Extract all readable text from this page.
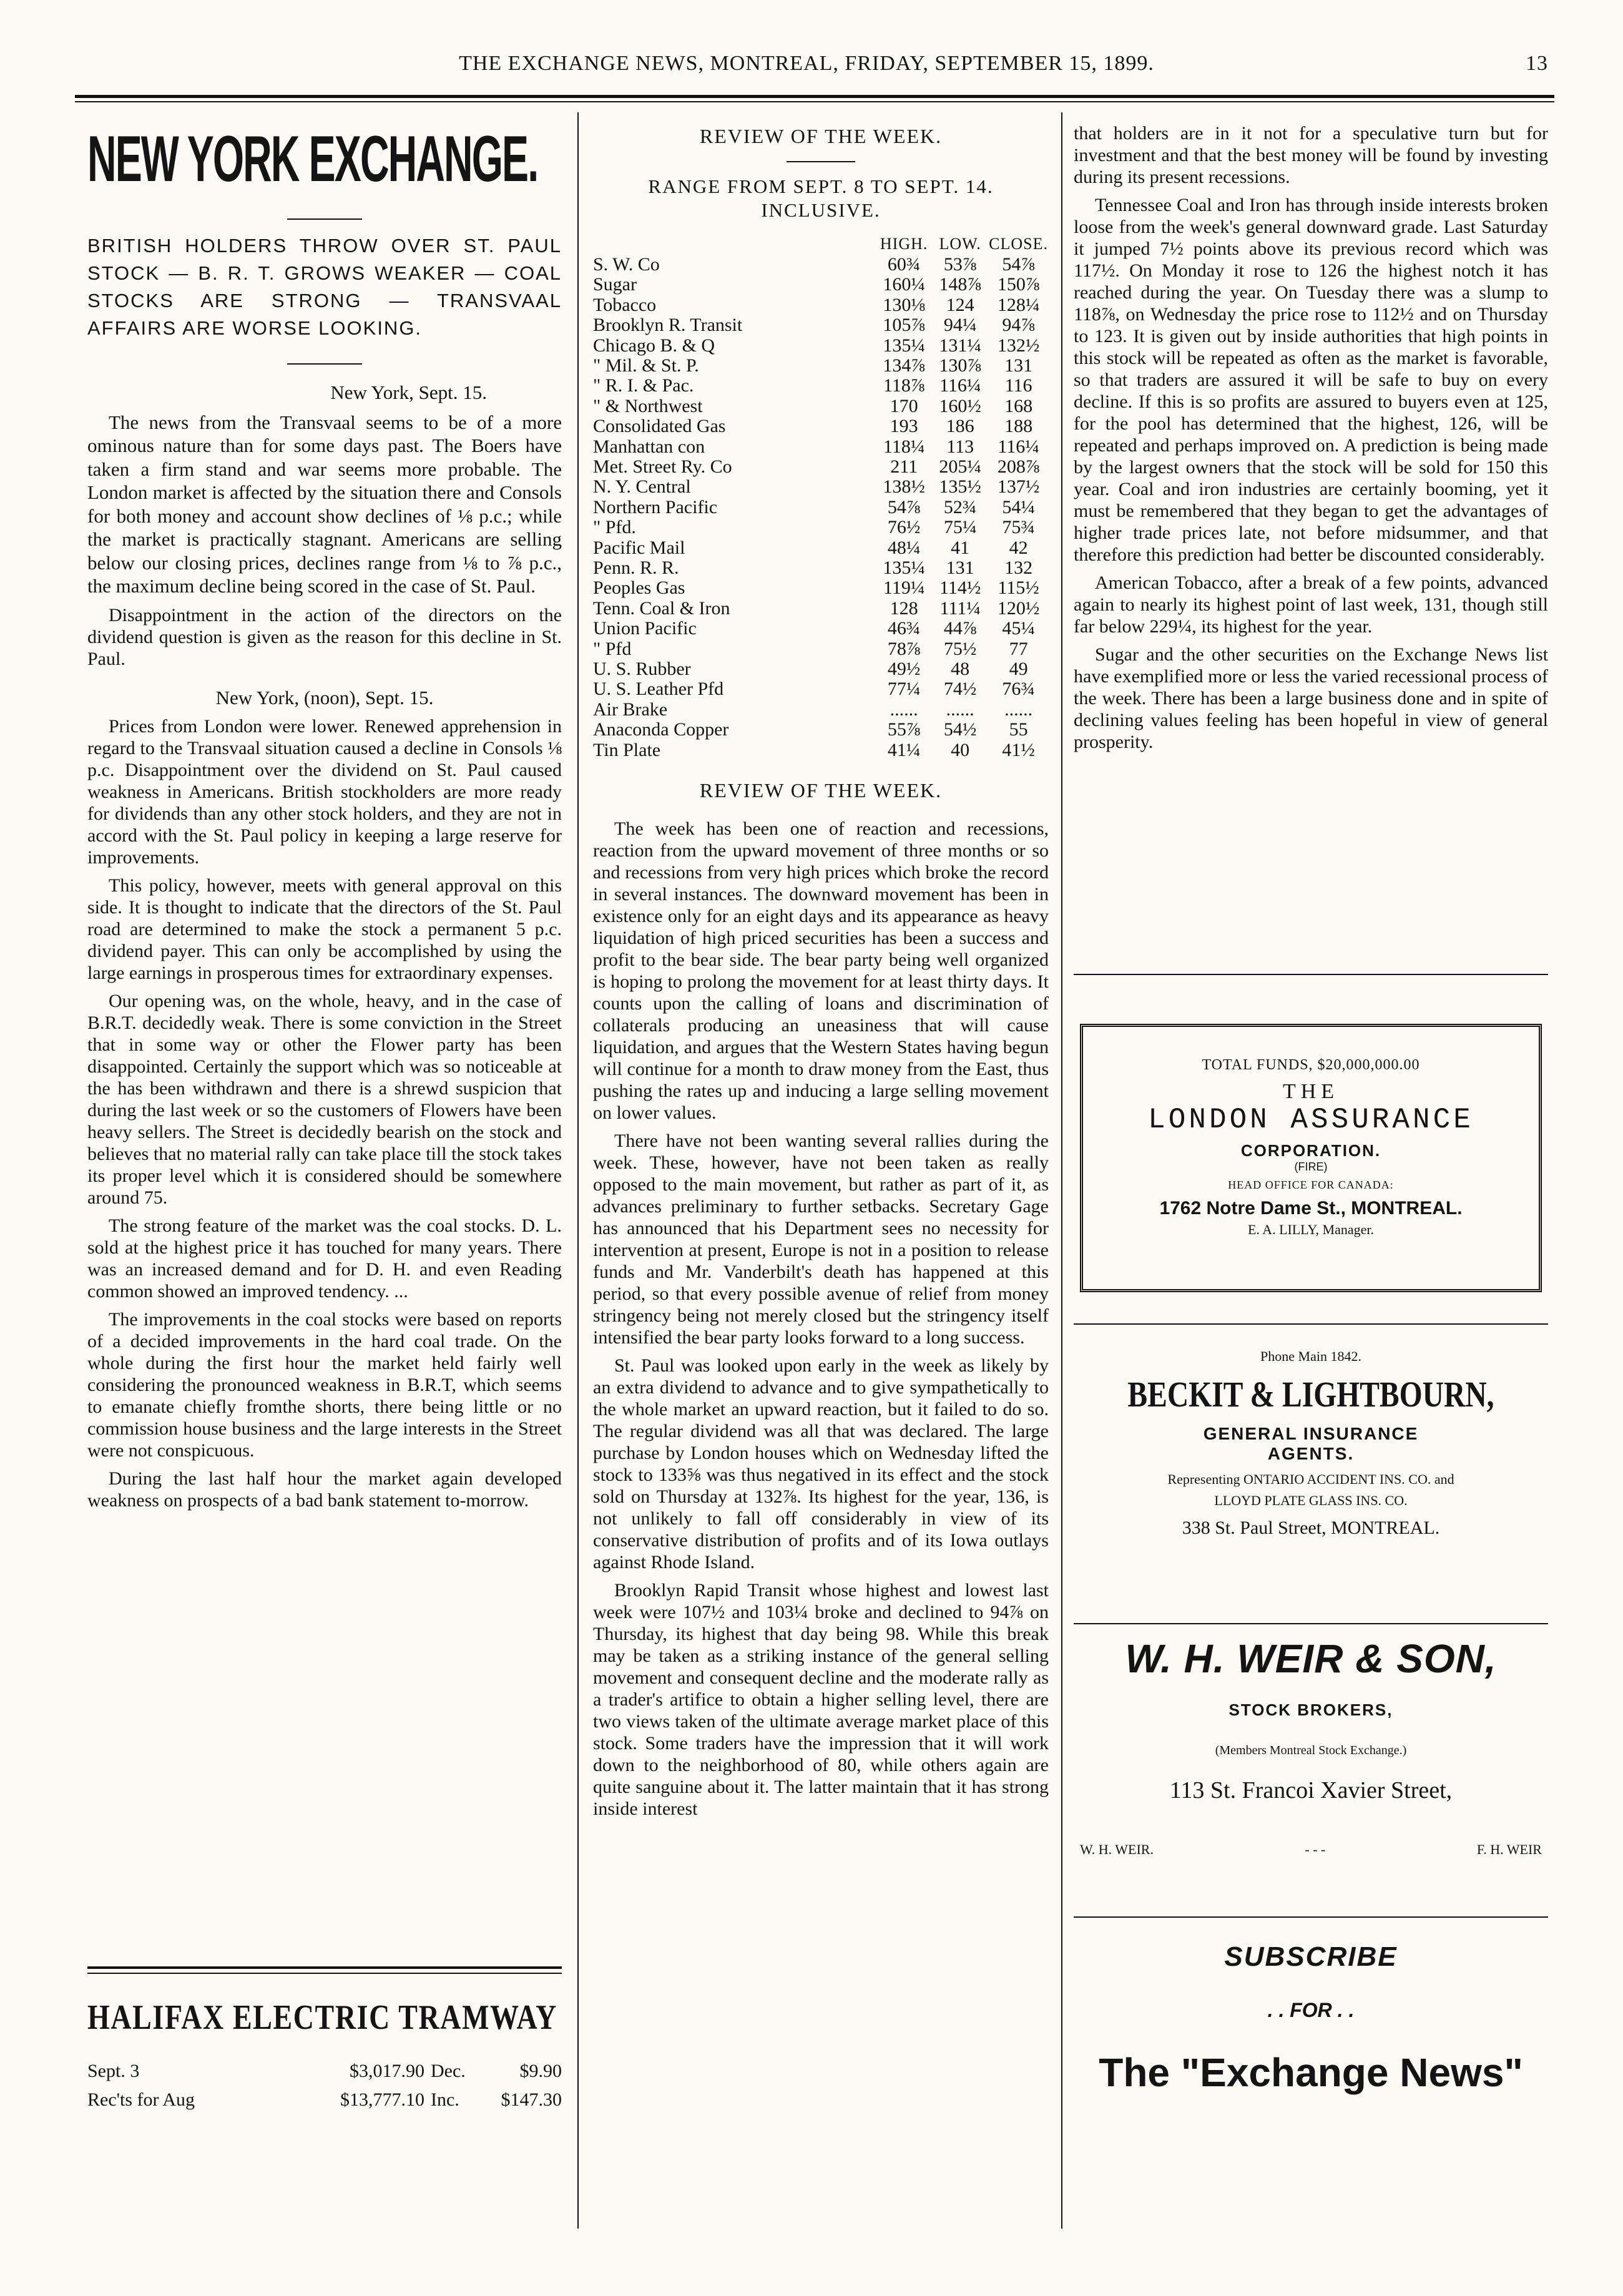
THE EXCHANGE NEWS, MONTREAL, FRIDAY, SEPTEMBER 15, 1899.	13
NEW YORK EXCHANGE.
BRITISH HOLDERS THROW OVER ST. PAUL STOCK — B. R. T. GROWS WEAKER — COAL STOCKS ARE STRONG — TRANSVAAL AFFAIRS ARE WORSE LOOKING.
New York, Sept. 15.

The news from the Transvaal seems to be of a more ominous nature than for some days past. The Boers have taken a firm stand and war seems more probable. The London market is affected by the situation there and Consols for both money and account show declines of ⅛ p.c.; while the market is practically stagnant. Americans are selling below our closing prices, declines range from ⅛ to ⅞ p.c., the maximum decline being scored in the case of St. Paul.

Disappointment in the action of the directors on the dividend question is given as the reason for this decline in St. Paul.

New York, (noon), Sept. 15.

Prices from London were lower. Renewed apprehension in regard to the Transvaal situation caused a decline in Consols ⅛ p.c. Disappointment over the dividend on St. Paul caused weakness in Americans. British stockholders are more ready for dividends than any other stock holders, and they are not in accord with the St. Paul policy in keeping a large reserve for improvements.

This policy, however, meets with general approval on this side. It is thought to indicate that the directors of the St. Paul road are determined to make the stock a permanent 5 p.c. dividend payer. This can only be accomplished by using the large earnings in prosperous times for extraordinary expenses.

Our opening was, on the whole, heavy, and in the case of B.R.T. decidedly weak. There is some conviction in the Street that in some way or other the Flower party has been disappointed. Certainly the support which was so noticeable at the has been withdrawn and there is a shrewd suspicion that during the last week or so the customers of Flowers have been heavy sellers. The Street is decidedly bearish on the stock and believes that no material rally can take place till the stock takes its proper level which it is considered should be somewhere around 75.

The strong feature of the market was the coal stocks. D. L. sold at the highest price it has touched for many years. There was an increased demand and for D. H. and even Reading common showed an improved tendency. ...

The improvements in the coal stocks were based on reports of a decided improvements in the hard coal trade. On the whole during the first hour the market held fairly well considering the pronounced weakness in B.R.T, which seems to emanate chiefly fromthe shorts, there being little or no commission house business and the large interests in the Street were not conspicuous.

During the last half hour the market again developed weakness on prospects of a bad bank statement to-morrow.

HALIFAX ELECTRIC TRAMWAY
Sept. 3	$3,017.90 Dec.	$9.90
Rec'ts for Aug	$13,777.10 Inc.	$147.30
REVIEW OF THE WEEK.
RANGE FROM SEPT. 8 TO SEPT. 14. INCLUSIVE.
	HIGH.	LOW.	CLOSE.
S. W. Co	60¾	53⅞	54⅞
Sugar	160¼	148⅞	150⅞
Tobacco	130⅛	124	128¼
Brooklyn R. Transit	105⅞	94¼	94⅞
Chicago B. & Q	135¼	131¼	132½
" Mil. & St. P.	134⅞	130⅞	131
" R. I. & Pac.	118⅞	116¼	116
" & Northwest	170	160½	168
Consolidated Gas	193	186	188
Manhattan con	118¼	113	116¼
Met. Street Ry. Co	211	205¼	208⅞
N. Y. Central	138½	135½	137½
Northern Pacific	54⅞	52¾	54¼
" Pfd.	76½	75¼	75¾
Pacific Mail	48¼	41	42
Penn. R. R.	135¼	131	132
Peoples Gas	119¼	114½	115½
Tenn. Coal & Iron	128	111¼	120½
Union Pacific	46¾	44⅞	45¼
" Pfd	78⅞	75½	77
U. S. Rubber	49½	48	49
U. S. Leather Pfd	77¼	74½	76¾
Air Brake	......	......	......
Anaconda Copper	55⅞	54½	55
Tin Plate	41¼	40	41½
REVIEW OF THE WEEK.

The week has been one of reaction and recessions, reaction from the upward movement of three months or so and recessions from very high prices which broke the record in several instances. The downward movement has been in existence only for an eight days and its appearance as heavy liquidation of high priced securities has been a success and profit to the bear side. The bear party being well organized is hoping to prolong the movement for at least thirty days. It counts upon the calling of loans and discrimination of collaterals producing an uneasiness that will cause liquidation, and argues that the Western States having begun will continue for a month to draw money from the East, thus pushing the rates up and inducing a large selling movement on lower values.

There have not been wanting several rallies during the week. These, however, have not been taken as really opposed to the main movement, but rather as part of it, as advances preliminary to further setbacks. Secretary Gage has announced that his Department sees no necessity for intervention at present, Europe is not in a position to release funds and Mr. Vanderbilt's death has happened at this period, so that every possible avenue of relief from money stringency being not merely closed but the stringency itself intensified the bear party looks forward to a long success.

St. Paul was looked upon early in the week as likely by an extra dividend to advance and to give sympathetically to the whole market an upward reaction, but it failed to do so. The regular dividend was all that was declared. The large purchase by London houses which on Wednesday lifted the stock to 133⅝ was thus negatived in its effect and the stock sold on Thursday at 132⅞. Its highest for the year, 136, is not unlikely to fall off considerably in view of its conservative distribution of profits and of its Iowa outlays against Rhode Island.

Brooklyn Rapid Transit whose highest and lowest last week were 107½ and 103¼ broke and declined to 94⅞ on Thursday, its highest that day being 98. While this break may be taken as a striking instance of the general selling movement and consequent decline and the moderate rally as a trader's artifice to obtain a higher selling level, there are two views taken of the ultimate average market place of this stock. Some traders have the impression that it will work down to the neighborhood of 80, while others again are quite sanguine about it. The latter maintain that it has strong inside interest

that holders are in it not for a speculative turn but for investment and that the best money will be found by investing during its present recessions.

Tennessee Coal and Iron has through inside interests broken loose from the week's general downward grade. Last Saturday it jumped 7½ points above its previous record which was 117½. On Monday it rose to 126 the highest notch it has reached during the year. On Tuesday there was a slump to 118⅞, on Wednesday the price rose to 112½ and on Thursday to 123. It is given out by inside authorities that high points in this stock will be repeated as often as the market is favorable, so that traders are assured it will be safe to buy on every decline. If this is so profits are assured to buyers even at 125, for the pool has determined that the highest, 126, will be repeated and perhaps improved on. A prediction is being made by the largest owners that the stock will be sold for 150 this year. Coal and iron industries are certainly booming, yet it must be remembered that they began to get the advantages of higher trade prices late, not before midsummer, and that therefore this prediction had better be discounted considerably.

American Tobacco, after a break of a few points, advanced again to nearly its highest point of last week, 131, though still far below 229¼, its highest for the year.

Sugar and the other securities on the Exchange News list have exemplified more or less the varied recessional process of the week. There has been a large business done and in spite of declining values feeling has been hopeful in view of general prosperity.

TOTAL FUNDS, $20,000,000.00
THE
LONDON ASSURANCE
CORPORATION.
(FIRE)
HEAD OFFICE FOR CANADA:
1762 Notre Dame St., MONTREAL.
E. A. LILLY, Manager.
Phone Main 1842.
BECKIT & LIGHTBOURN,
GENERAL INSURANCE
AGENTS.
Representing ONTARIO ACCIDENT INS. CO. and
LLOYD PLATE GLASS INS. CO.
338 St. Paul Street, MONTREAL.
W. H. WEIR & SON,
STOCK BROKERS,
(Members Montreal Stock Exchange.)
113 St. Francoi Xavier Street,
W. H. WEIR.	- - -	F. H. WEIR
SUBSCRIBE
. . FOR . .
The "Exchange News"
